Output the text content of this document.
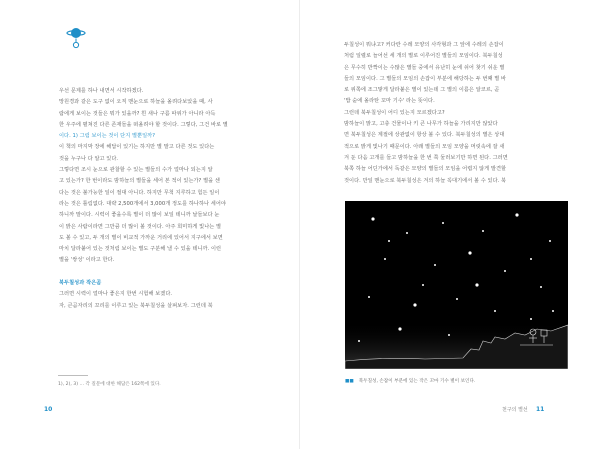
우선 문제를 하나 내면서 시작하겠다.

망원경과 같은 도구 없이 오직 맨눈으로 하늘을 올려다보았을 때, 사

람에게 보이는 것들은 뭐가 있을까? 흰 새나 구름 따위가 아니라 아득

한 우주에 펼쳐진 다른 존재들을 떠올려야 할 것이다. 그렇다, 그건 바로 별

이다. 1) 그럼 보이는 것이 단지 별뿐일까?

이 책의 마지막 장에 해답이 있기는 하지만 별 말고 다른 것도 있다는

것을 누구나 다 알고 있다.

그렇다면 조시 눈으로 관찰할 수 있는 별들의 수가 얼마나 되는지 알

고 있는가? 한 번이라도 밤하늘의 별들을 세어 본 적이 있는가? 별을 센

다는 것은 불가능한 일이 절대 아니다. 하지만 무척 지루하고 힘든 일이

라는 것은 틀림없다. 대략 2,500개에서 3,000개 정도를 하나하나 세어야

하니까 말이다. 시력이 좋을수록 별이 더 많이 보일 테니까 날들보다 눈

이 밝은 사람이라면 그만큼 더 많이 볼 것이다. 아주 희미하게 빛나는 별

도 볼 수 있고, 두 개의 별이 비교적 가까운 거리에 있어서 지구에서 보면

마치 달라붙어 있는 것처럼 보이는 별도 구분해 낼 수 있을 테니까. 이런

별을 '쌍성' 이라고 한다.

북두칠성과 작은곰

그러면 시력이 얼마나 좋은지 한번 시험해 보겠다.

자, 큰곰자리의 꼬리를 이루고 있는 북두칠성을 살펴보자. 그런데 북

1), 2), 3) … 각 질문에 대한 해답은 162쪽에 있다.
10

두칠성이 뭐냐고? 커다란 수레 모양의 사각형과 그 앞에 수레의 손잡이

처럼 일렬로 늘어선 세 개의 별로 이루어진 별들의 모임이다. 북두칠성

은 무수히 반짝이는 수많은 별들 중에서 유난히 눈에 쉬어 찾기 쉬운 별

들의 모임이다. 그 별들의 모임의 손잡이 부분에 해당하는 두 번째 별 바

로 위쪽에 조그맣게 달라붙은 별이 있는데 그 별의 이름은 알코르, 곧

'밥 숟에 올라탄 꼬마 기수' 라는 뜻이다.

그런데 북두칠성이 어디 있는지 모르겠다고?

밤하늘이 맑고, 고층 건물이나 키 큰 나무가 하늘을 가리지만 않았다

면 북두칠성은 계절에 상관없이 항상 볼 수 있다. 북두칠성의 별은 상대

적으로 밝게 빛나기 때문이다. 아래 별들의 모임 모양을 머릿속에 잘 새

겨 둔 다음 고개를 들고 밤하늘을 한 번 쭉 둘러보기만 하면 된다. 그러면

북쪽 하늘 어딘가에서 독같은 모양의 별들의 모임을 어렵지 않게 발견할

것이다. 만일 맨눈으로 북두칠성은 겨의 하늘 꼭대기에서 볼 수 있다. 북

■■ 북두칠성, 손잡이 부분에 있는 작은 꼬마 기수 별이 보인다.
천구의 별선 11
